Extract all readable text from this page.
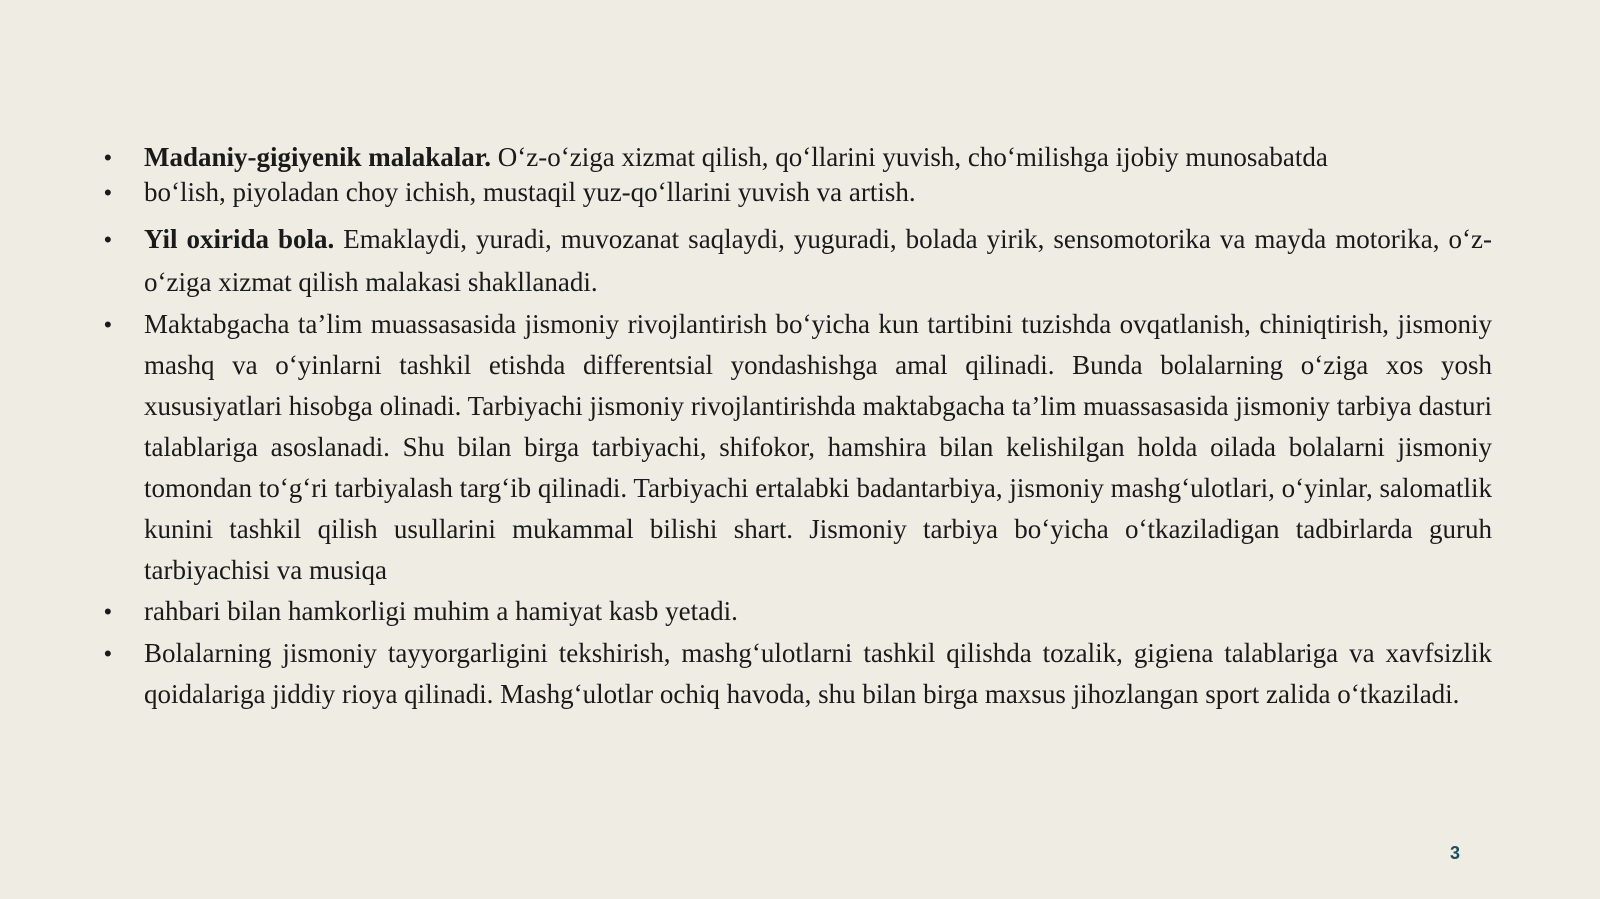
• Madaniy-gigiyenik malakalar. O‘z-o‘ziga xizmat qilish, qo‘llarini yuvish, cho‘milishga ijobiy munosabatda
• bo‘lish, piyoladan choy ichish, mustaqil yuz-qo‘llarini yuvish va artish.
• Yil oxirida bola. Emaklaydi, yuradi, muvozanat saqlaydi, yuguradi, bolada yirik, sensomotorika va mayda motorika, o‘z-o‘ziga xizmat qilish malakasi shakllanadi.
• Maktabgacha ta’lim muassasasida jismoniy rivojlantirish bo‘yicha kun tartibini tuzishda ovqatlanish, chiniqtirish, jismoniy mashq va o‘yinlarni tashkil etishda differentsial yondashishga amal qilinadi. Bunda bolalarning o‘ziga xos yosh xususiyatlari hisobga olinadi. Tarbiyachi jismoniy rivojlantirishda maktabgacha ta’lim muassasasida jismoniy tarbiya dasturi talablariga asoslanadi. Shu bilan birga tarbiyachi, shifokor, hamshira bilan kelishilgan holda oilada bolalarni jismoniy tomondan to‘g‘ri tarbiyalash targ‘ib qilinadi. Tarbiyachi ertalabki badantarbiya, jismoniy mashg‘ulotlari, o‘yinlar, salomatlik kunini tashkil qilish usullarini mukammal bilishi shart. Jismoniy tarbiya bo‘yicha o‘tkaziladigan tadbirlarda guruh tarbiyachisi va musiqa
• rahbari bilan hamkorligi muhim a hamiyat kasb yetadi.
• Bolalarning jismoniy tayyorgarligini tekshirish, mashg‘ulotlarni tashkil qilishda tozalik, gigiena talablariga va xavfsizlik qoidalariga jiddiy rioya qilinadi. Mashg‘ulotlar ochiq havoda, shu bilan birga maxsus jihozlangan sport zalida o‘tkaziladi.
3
